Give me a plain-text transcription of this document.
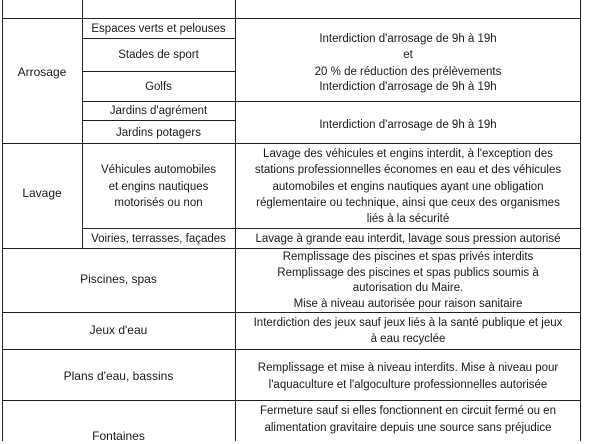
Arrosage
Espaces verts et pelouses
Stades de sport
Golfs
Jardins d'agrément
Jardins potagers
Interdiction d'arrosage de 9h à 19h
et
20 % de réduction des prélèvements
Interdiction d'arrosage de 9h à 19h
Interdiction d'arrosage de 9h à 19h
Lavage
Véhicules automobiles
et engins nautiques
motorisés ou non
Voiries, terrasses, façades
Lavage des véhicules et engins interdit, à l'exception des
stations professionnelles économes en eau et des véhicules
automobiles et engins nautiques ayant une obligation
réglementaire ou technique, ainsi que ceux des organismes
liés à la sécurité
Lavage à grande eau interdit, lavage sous pression autorisé
Piscines, spas
Remplissage des piscines et spas privés interdits
Remplissage des piscines et spas publics soumis à
autorisation du Maire.
Mise à niveau autorisée pour raison sanitaire
Jeux d'eau	Interdiction des jeux sauf jeux liés à la santé publique et jeux
à eau recyclée
Plans d'eau, bassins
Remplissage et mise à niveau interdits. Mise à niveau pour
l'aquaculture et l'algoculture professionnelles autorisée
Fontaines
Fermeture sauf si elles fonctionnent en circuit fermé ou en
alimentation gravitaire depuis une source sans préjudice
